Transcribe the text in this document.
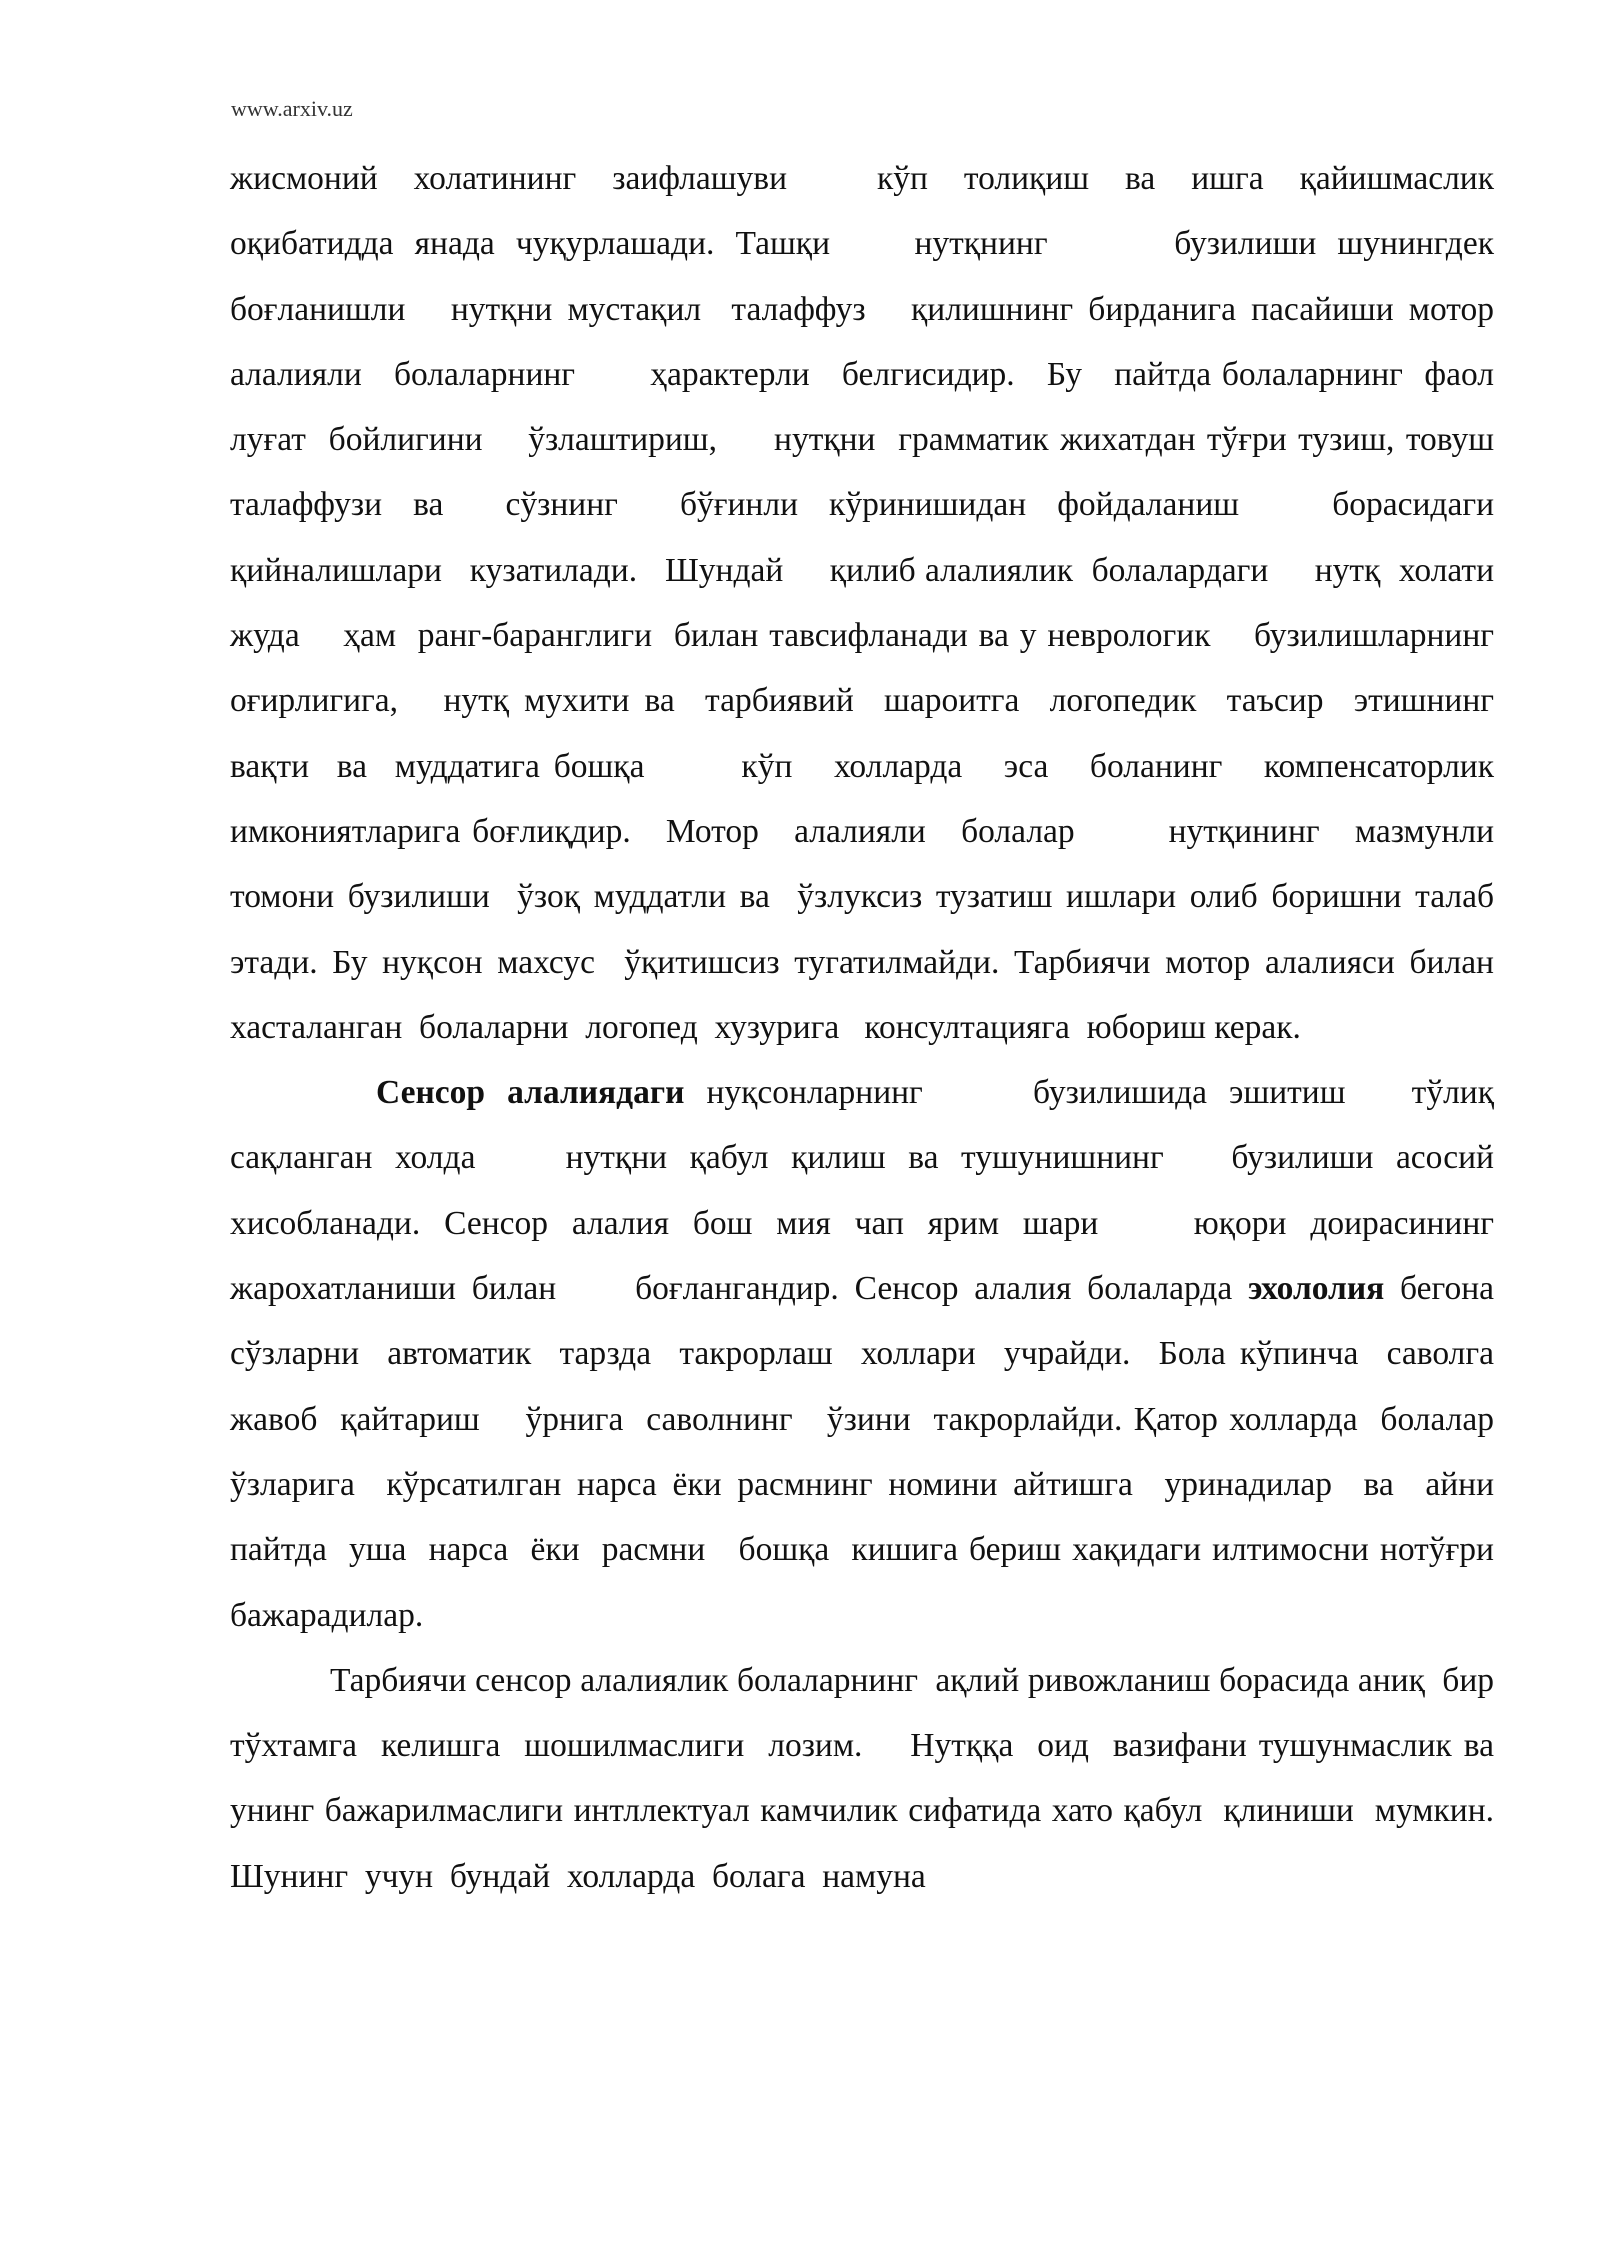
www.arxiv.uz

жисмоний  холатининг  заифлашуви     кўп  толиқиш  ва  ишга  қайишмаслик оқибатидда янада чуқурлашади. Ташқи    нутқнинг      бузилиши шунингдек боғланишли   нутқни мустақил  талаффуз   қилишнинг бирданига пасайиши мотор   алалияли   болаларнинг       ҳарактерли   белгисидир.   Бу   пайтда болаларнинг  фаол    луғат  бойлигини    ўзлаштириш,     нутқни  грамматик жихатдан тўғри тузиш, товуш  талаффузи ва  сўзнинг  бўғинли кўринишидан фойдаланиш   борасидаги   қийналишлари   кузатилади.   Шундай     қилиб алалиялик  болалардаги     нутқ  холати  жуда    ҳам  ранг-баранглиги  билан тавсифланади ва у неврологик    бузилишларнинг  оғирлигига,   нутқ мухити ва  тарбиявий  шароитга  логопедик  таъсир  этишнинг   вақти  ва  муддатига бошқа       кўп   холларда   эса   боланинг   компенсаторлик   имкониятларига боғлиқдир.   Мотор   алалияли   болалар        нутқининг   мазмунли   томони бузилиши  ўзоқ муддатли ва  ўзлуксиз тузатиш ишлари олиб боришни талаб этади. Бу нуқсон махсус  ўқитишсиз тугатилмайди. Тарбиячи мотор алалияси билан  хасталанган  болаларни  логопед  хузурига   консултацияга  юбориш керак.

Сенсор алалиядаги нуқсонларнинг     бузилишида эшитиш   тўлиқ сақланган холда    нутқни қабул қилиш ва тушунишнинг   бузилиши асосий хисобланади. Сенсор алалия бош мия чап ярим шари    юқори доирасининг жарохатланиши билан     боғлангандир. Сенсор алалия болаларда эхололия бегона    сўзларни  автоматик  тарзда  такрорлаш  холлари  учрайди.  Бола кўпинча  саволга  жавоб  қайтариш    ўрнига  саволнинг   ўзини  такрорлайди. Қатор холларда  болалар  ўзларига  кўрсатилган нарса ёки расмнинг номини айтишга  уринадилар  ва  айни  пайтда  уша  нарса  ёки  расмни   бошқа  кишига бериш хақидаги илтимосни нотўғри бажарадилар.

Тарбиячи сенсор алалиялик болаларнинг  ақлий ривожланиш борасида аниқ  бир  тўхтамга  келишга  шошилмаслиги  лозим.    Нутққа  оид  вазифани тушунмаслик ва унинг бажарилмаслиги интллектуал камчилик сифатида хато қабул  қлиниши  мумкин.  Шунинг  учун  бундай  холларда  болага  намуна
